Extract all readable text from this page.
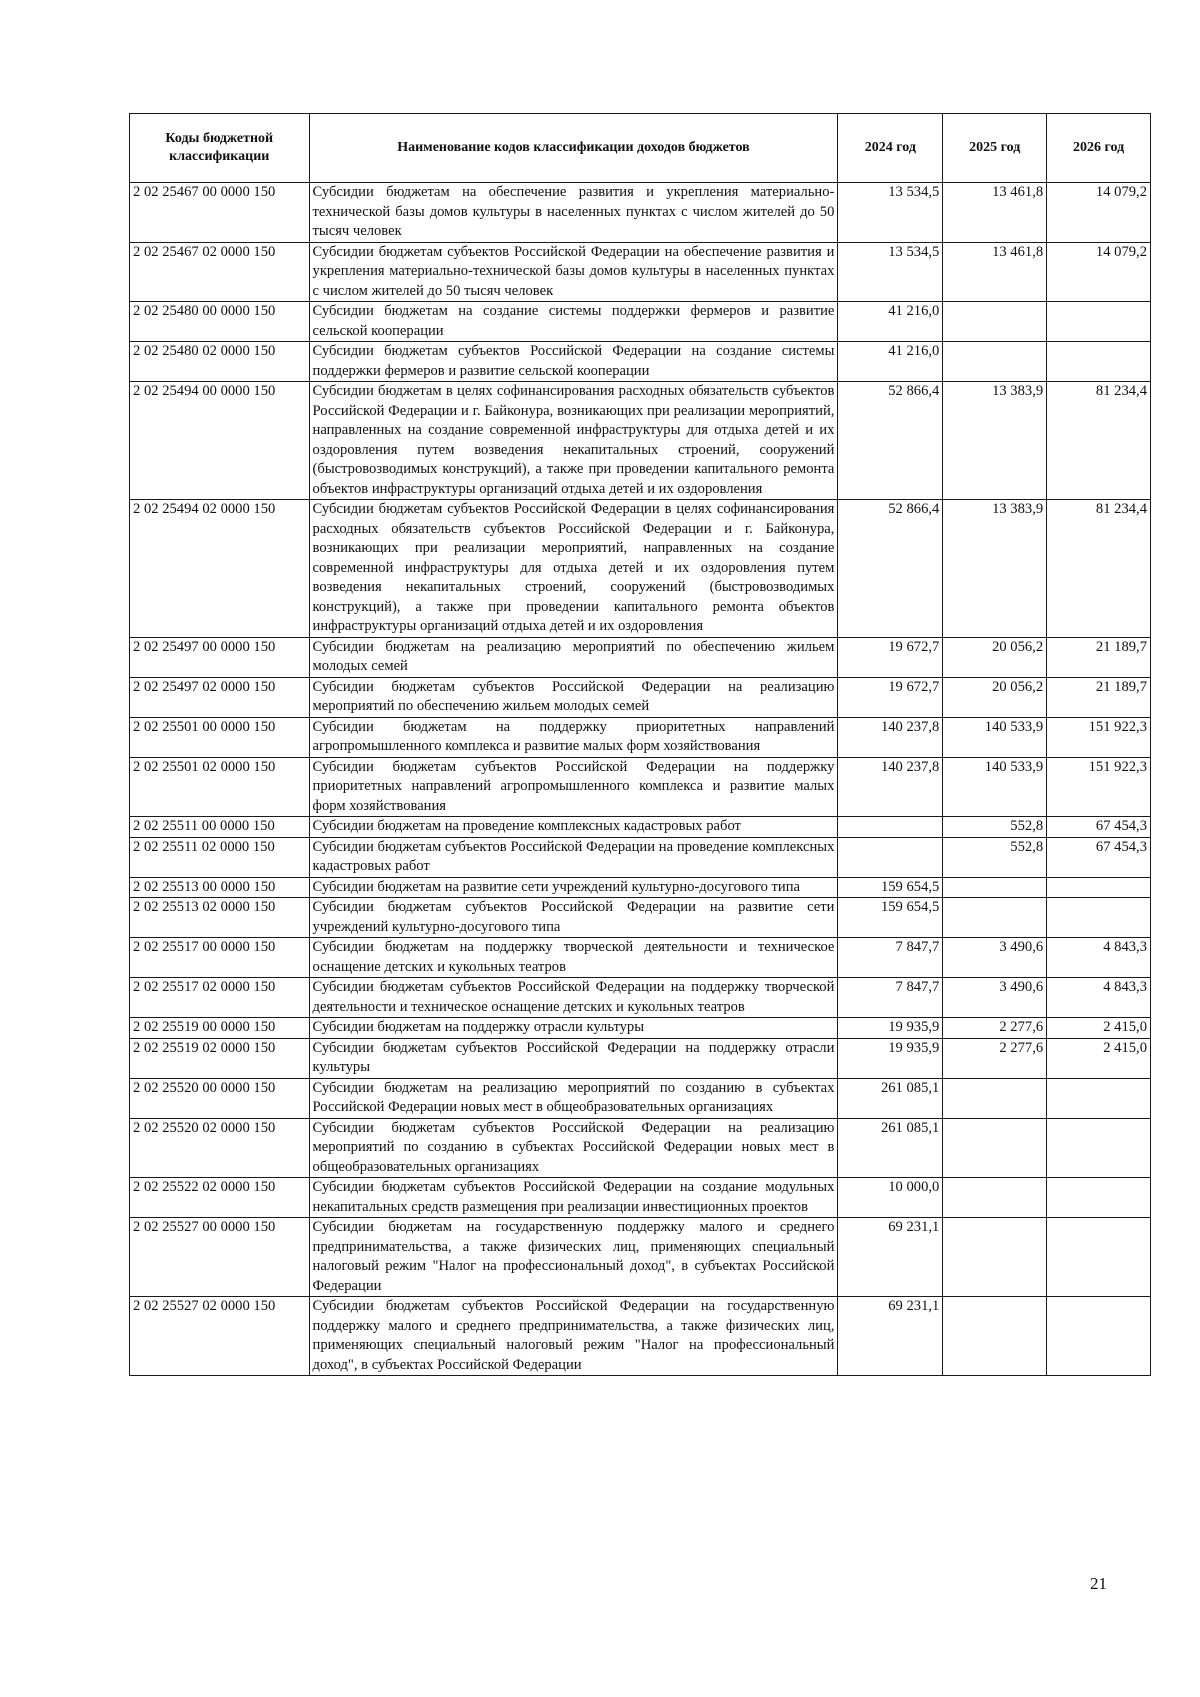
Коды бюджетной классификации	Наименование кодов классификации доходов бюджетов	2024 год	2025 год	2026 год
2 02 25467 00 0000 150	Субсидии бюджетам на обеспечение развития и укрепления материально-технической базы домов культуры в населенных пунктах с числом жителей до 50 тысяч человек	13 534,5	13 461,8	14 079,2
2 02 25467 02 0000 150	Субсидии бюджетам субъектов Российской Федерации на обеспечение развития и укрепления материально-технической базы домов культуры в населенных пунктах с числом жителей до 50 тысяч человек	13 534,5	13 461,8	14 079,2
2 02 25480 00 0000 150	Субсидии бюджетам на создание системы поддержки фермеров и развитие сельской кооперации	41 216,0		
2 02 25480 02 0000 150	Субсидии бюджетам субъектов Российской Федерации на создание системы поддержки фермеров и развитие сельской кооперации	41 216,0		
2 02 25494 00 0000 150	Субсидии бюджетам в целях софинансирования расходных обязательств субъектов Российской Федерации и г. Байконура, возникающих при реализации мероприятий, направленных на создание современной инфраструктуры для отдыха детей и их оздоровления путем возведения некапитальных строений, сооружений (быстровозводимых конструкций), а также при проведении капитального ремонта объектов инфраструктуры организаций отдыха детей и их оздоровления	52 866,4	13 383,9	81 234,4
2 02 25494 02 0000 150	Субсидии бюджетам субъектов Российской Федерации в целях софинансирования расходных обязательств субъектов Российской Федерации и г. Байконура, возникающих при реализации мероприятий, направленных на создание современной инфраструктуры для отдыха детей и их оздоровления путем возведения некапитальных строений, сооружений (быстровозводимых конструкций), а также при проведении капитального ремонта объектов инфраструктуры организаций отдыха детей и их оздоровления	52 866,4	13 383,9	81 234,4
2 02 25497 00 0000 150	Субсидии бюджетам на реализацию мероприятий по обеспечению жильем молодых семей	19 672,7	20 056,2	21 189,7
2 02 25497 02 0000 150	Субсидии бюджетам субъектов Российской Федерации на реализацию мероприятий по обеспечению жильем молодых семей	19 672,7	20 056,2	21 189,7
2 02 25501 00 0000 150	Субсидии бюджетам на поддержку приоритетных направлений агропромышленного комплекса и развитие малых форм хозяйствования	140 237,8	140 533,9	151 922,3
2 02 25501 02 0000 150	Субсидии бюджетам субъектов Российской Федерации на поддержку приоритетных направлений агропромышленного комплекса и развитие малых форм хозяйствования	140 237,8	140 533,9	151 922,3
2 02 25511 00 0000 150	Субсидии бюджетам на проведение комплексных кадастровых работ		552,8	67 454,3
2 02 25511 02 0000 150	Субсидии бюджетам субъектов Российской Федерации на проведение комплексных кадастровых работ		552,8	67 454,3
2 02 25513 00 0000 150	Субсидии бюджетам на развитие сети учреждений культурно-досугового типа	159 654,5		
2 02 25513 02 0000 150	Субсидии бюджетам субъектов Российской Федерации на развитие сети учреждений культурно-досугового типа	159 654,5		
2 02 25517 00 0000 150	Субсидии бюджетам на поддержку творческой деятельности и техническое оснащение детских и кукольных театров	7 847,7	3 490,6	4 843,3
2 02 25517 02 0000 150	Субсидии бюджетам субъектов Российской Федерации на поддержку творческой деятельности и техническое оснащение детских и кукольных театров	7 847,7	3 490,6	4 843,3
2 02 25519 00 0000 150	Субсидии бюджетам на поддержку отрасли культуры	19 935,9	2 277,6	2 415,0
2 02 25519 02 0000 150	Субсидии бюджетам субъектов Российской Федерации на поддержку отрасли культуры	19 935,9	2 277,6	2 415,0
2 02 25520 00 0000 150	Субсидии бюджетам на реализацию мероприятий по созданию в субъектах Российской Федерации новых мест в общеобразовательных организациях	261 085,1		
2 02 25520 02 0000 150	Субсидии бюджетам субъектов Российской Федерации на реализацию мероприятий по созданию в субъектах Российской Федерации новых мест в общеобразовательных организациях	261 085,1		
2 02 25522 02 0000 150	Субсидии бюджетам субъектов Российской Федерации на создание модульных некапитальных средств размещения при реализации инвестиционных проектов	10 000,0		
2 02 25527 00 0000 150	Субсидии бюджетам на государственную поддержку малого и среднего предпринимательства, а также физических лиц, применяющих специальный налоговый режим "Налог на профессиональный доход", в субъектах Российской Федерации	69 231,1		
2 02 25527 02 0000 150	Субсидии бюджетам субъектов Российской Федерации на государственную поддержку малого и среднего предпринимательства, а также физических лиц, применяющих специальный налоговый режим "Налог на профессиональный доход", в субъектах Российской Федерации	69 231,1		
21
